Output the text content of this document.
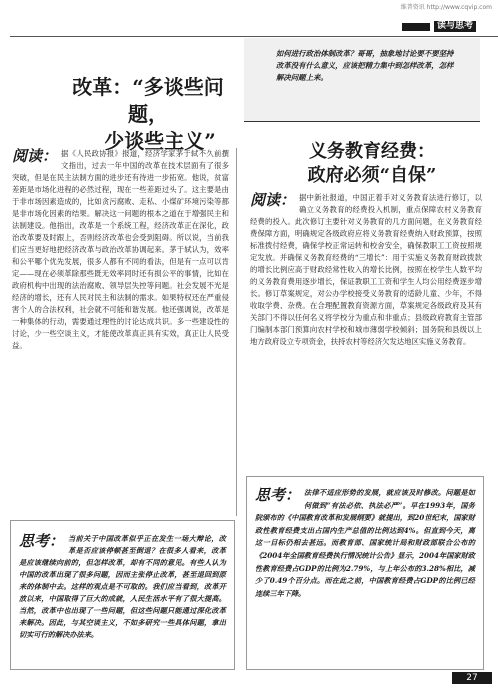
维普资讯 http://www.cqvip.com
读与思考
如何进行政治体制改革？哥哥，抽象地讨论要不要坚持改革没有什么意义，应该把精力集中到怎样改革，怎样解决问题上来。
改革：“多谈些问题，
少谈些主义”
阅读： 据《人民政协报》报道，经济学家茅于轼不久前撰文指出，过去一年中国的改革在技术层面有了很多突破，但是在民主法制方面的进步还有待进一步拓宽。他说，贫富差距是市场化进程的必然过程，现在一些差距过头了。这主要是由于非市场因素造成的，比如贪污腐败、走私、小煤矿环境污染等都是非市场化因素的结果。解决这一问题的根本之道在于增强民主和法制建设。他指出，改革是一个系统工程，经济改革正在深化，政治改革要及时跟上，否则经济改革也会受到阻碍。所以说，当前我们应当更好地把经济改革与政治改革协调起来。茅于轼认为，效率和公平哪个优先发展，很多人都有不同的看法，但是有一点可以肯定——现在必须革除那些既无效率同时还有损公平的事情，比如在政府机构中出现的法治腐败、领导层失控等问题。社会发展不光是经济的增长，还有人民对民主和法制的需求。如果特权还在严重侵害个人的合法权利，社会就不可能和谐发展。他还强调说，改革是一种集体的行动，需要通过理性的讨论达成共识。多一些建设性的讨论，少一些空谈主义，才能使改革真正具有实效，真正让人民受益。
义务教育经费：
政府必须“自保”
阅读： 据中新社报道，中国正着手对义务教育法进行修订，以确立义务教育的经费投入机制，重点保障农村义务教育经费的投入。此次修订主要针对义务教育的几方面问题，在义务教育经费保障方面，明确规定各级政府应将义务教育经费纳入财政预算，按照标准拨付经费，确保学校正常运转和校舍安全，确保教职工工资按照规定发放。并确保义务教育经费的“三增长”：用于实施义务教育财政拨款的增长比例应高于财政经常性收入的增长比例，按照在校学生人数平均的义务教育费用逐步增长，保证教职工工资和学生人均公用经费逐步增长。修订草案规定，对公办学校接受义务教育的适龄儿童、少年，不得收取学费、杂费。在合理配置教育资源方面，草案规定各级政府及其有关部门不得以任何名义将学校分为重点和非重点；县级政府教育主管部门编制本部门预算向农村学校和城市薄弱学校倾斜；国务院和县级以上地方政府设立专项资金，扶持农村等经济欠发达地区实施义务教育。
思考： 当前关于中国改革似乎正在发生一场大辩论，改革是否应该停顿甚至倒退？在很多人看来，改革是应该继续向前的，但怎样改革，却有不同的意见。有些人认为中国的改革出现了很多问题，因而主张停止改革，甚至退回到原来的体制中去。这样的观点是不可取的。我们应当看到，改革开放以来，中国取得了巨大的成就，人民生活水平有了很大提高。当然，改革中也出现了一些问题，但这些问题只能通过深化改革来解决。因此，与其空谈主义，不如多研究一些具体问题，拿出切实可行的解决办法来。
思考： 法律不适应形势的发展，就应该及时修改。问题是如何做到“有法必依、执法必严”。早在1993年，国务院颁布的《中国教育改革和发展纲要》就提出，到20世纪末，国家财政性教育经费支出占国内生产总值的比例达到4%。但直到今天，离这一目标仍相去甚远。而教育部、国家统计局和财政部联合公布的《2004年全国教育经费执行情况统计公告》显示，2004年国家财政性教育经费占GDP的比例为2.79%，与上年公布的3.28%相比，减少了0.49个百分点。而在此之前，中国教育经费占GDP的比例已经连续三年下降。
27
